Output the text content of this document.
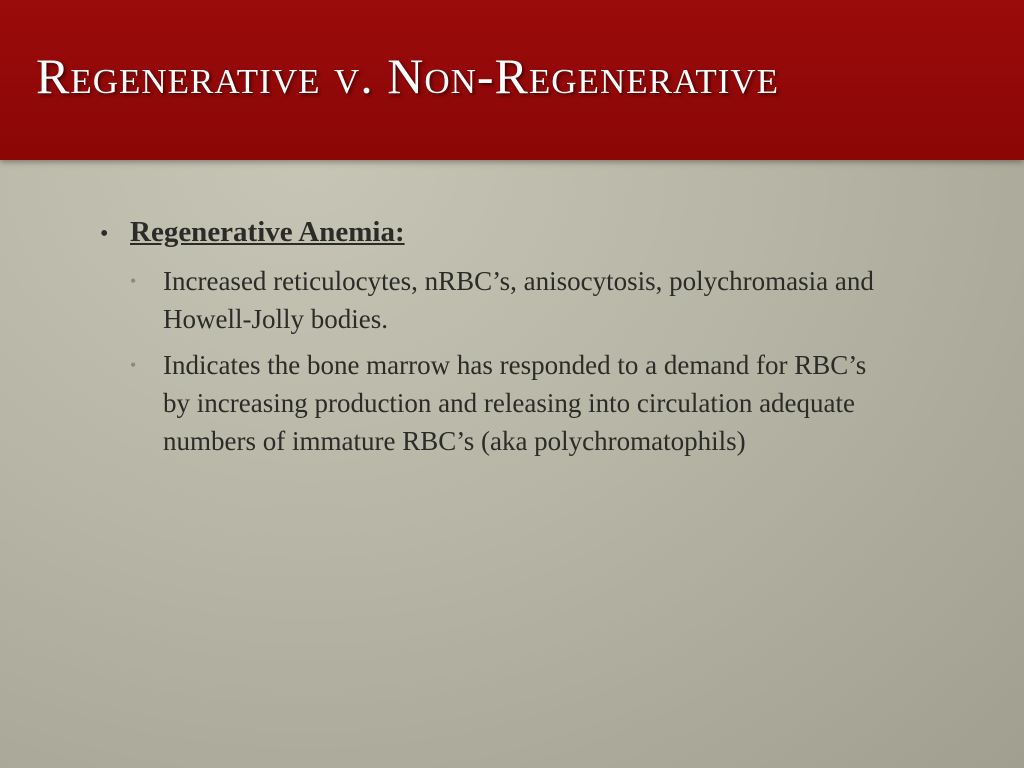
Regenerative v. Non-Regenerative
• Regenerative Anemia:
• Increased reticulocytes, nRBC’s, anisocytosis, polychromasia and Howell-Jolly bodies.
• Indicates the bone marrow has responded to a demand for RBC’s by increasing production and releasing into circulation adequate numbers of immature RBC’s (aka polychromatophils)
